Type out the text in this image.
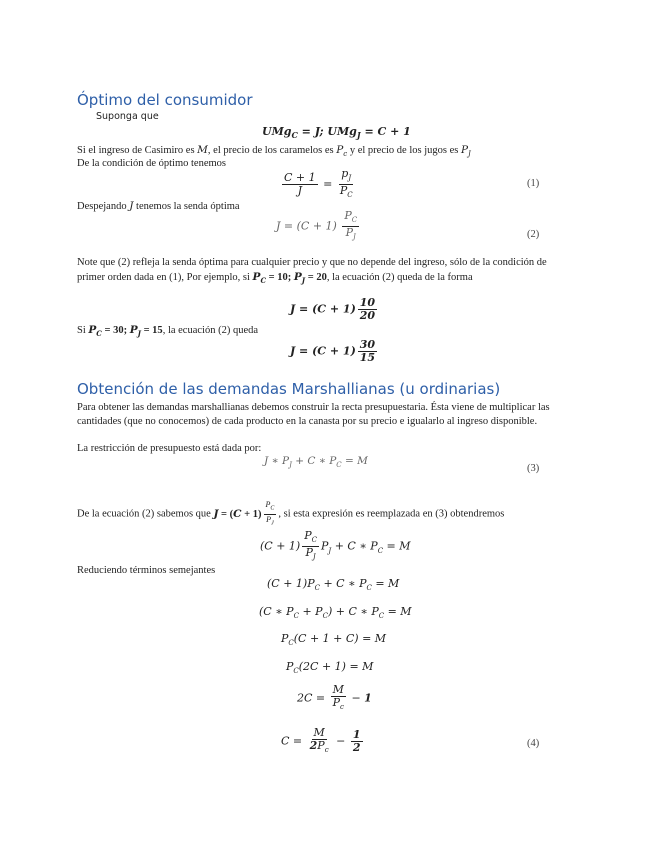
Óptimo del consumidor
Suponga que
UMg$_C$ = J; UMg$_J$ = C + 1
Si el ingreso de Casimiro es M, el precio de los caramelos es $P_c$ y el precio de los jugos es $P_J$
De la condición de óptimo tenemos
$\frac{C + 1}{J} = \frac{p_J}{P_C}$	(1)
Despejando J tenemos la senda óptima
$J = (C + 1) \frac{P_C}{P_J}$	(2)
Note que (2) refleja la senda óptima para cualquier precio y que no depende del ingreso, sólo de la condición de primer orden dada en (1), Por ejemplo, si $P_C = 10$; $P_J = 20$, la ecuación (2) queda de la forma
$J = (C + 1) \frac{10}{20}$
Si $P_C = 30$; $P_J = 15$, la ecuación (2) queda
$J = (C + 1) \frac{30}{15}$
Obtención de las demandas Marshallianas (u ordinarias)
Para obtener las demandas marshallianas debemos construir la recta presupuestaria. Ésta viene de multiplicar las cantidades (que no conocemos) de cada producto en la canasta por su precio e igualarlo al ingreso disponible.
La restricción de presupuesto está dada por:
J ∗ $P_J + C$ ∗ $P_C = M$
(3)
De la ecuación (2) sabemos que $J = (C + 1) \frac{P_C}{P_J}$ , si esta expresión es reemplazada en (3) obtendremos
$(C + 1) \frac{P_C}{P_J} P_J + C$ ∗ $P_C = M$
Reduciendo términos semejantes
$(C + 1)P_C + C$ ∗ $P_C = M$
(C ∗ $P_C + P_C) + C$ ∗ $P_C = M$
$P_C(C + 1 + C) = M$
$P_C(2C + 1) = M$
$2C = \frac{M}{P_c} - 1$
$C = \frac{M}{2P_c} - \frac{1}{2}$	(4)
